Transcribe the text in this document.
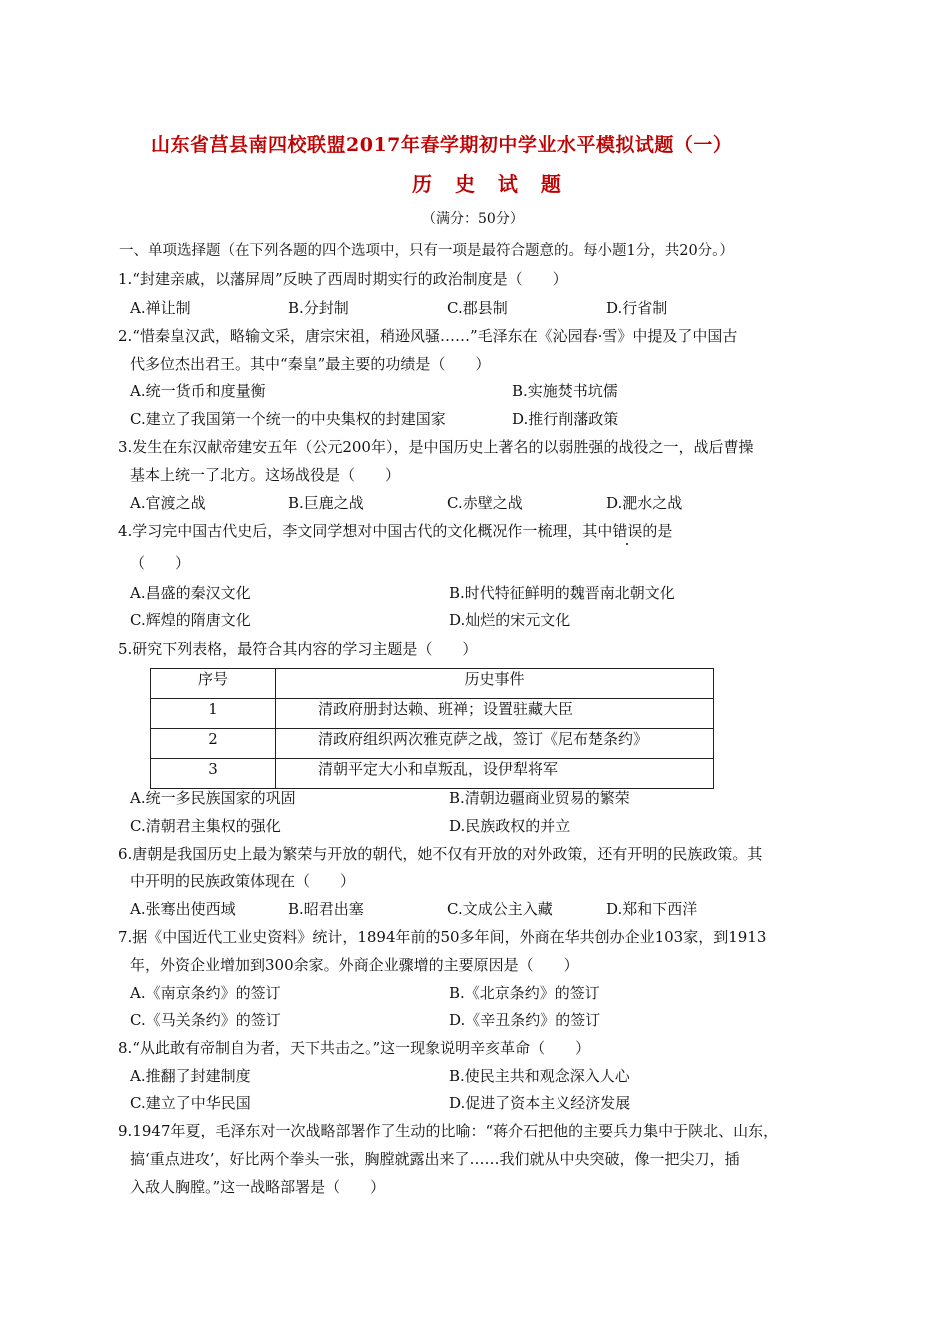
山东省莒县南四校联盟2017年春学期初中学业水平模拟试题（一）
历 史 试 题
（满分：50分）
一、单项选择题（在下列各题的四个选项中，只有一项是最符合题意的。每小题1分，共20分。）
1.“封建亲戚，以藩屏周”反映了西周时期实行的政治制度是（　　）
A.禅让制	B.分封制	C.郡县制	D.行省制
2.“惜秦皇汉武，略输文采，唐宗宋祖，稍逊风骚……”毛泽东在《沁园春·雪》中提及了中国古
代多位杰出君王。其中“秦皇”最主要的功绩是（　　）
A.统一货币和度量衡	B.实施焚书坑儒
C.建立了我国第一个统一的中央集权的封建国家	D.推行削藩政策
3.发生在东汉献帝建安五年（公元200年），是中国历史上著名的以弱胜强的战役之一，战后曹操
基本上统一了北方。这场战役是（　　）
A.官渡之战	B.巨鹿之战	C.赤壁之战	D.淝水之战
4.学习完中国古代史后，李文同学想对中国古代的文化概况作一梳理，其中错误的是
（　　）
A.昌盛的秦汉文化	B.时代特征鲜明的魏晋南北朝文化
C.辉煌的隋唐文化	D.灿烂的宋元文化
5.研究下列表格，最符合其内容的学习主题是（　　）
序号	历史事件
1	清政府册封达赖、班禅；设置驻藏大臣
2	清政府组织两次雅克萨之战，签订《尼布楚条约》
3	清朝平定大小和卓叛乱，设伊犁将军
A.统一多民族国家的巩固	B.清朝边疆商业贸易的繁荣
C.清朝君主集权的强化	D.民族政权的并立
6.唐朝是我国历史上最为繁荣与开放的朝代，她不仅有开放的对外政策，还有开明的民族政策。其
中开明的民族政策体现在（　　）
A.张骞出使西域	B.昭君出塞	C.文成公主入藏	D.郑和下西洋
7.据《中国近代工业史资料》统计，1894年前的50多年间，外商在华共创办企业103家，到1913
年，外资企业增加到300余家。外商企业骤增的主要原因是（　　）
A.《南京条约》的签订	B.《北京条约》的签订
C.《马关条约》的签订	D.《辛丑条约》的签订
8.“从此敢有帝制自为者，天下共击之。”这一现象说明辛亥革命（　　）
A.推翻了封建制度	B.使民主共和观念深入人心
C.建立了中华民国	D.促进了资本主义经济发展
9.1947年夏，毛泽东对一次战略部署作了生动的比喻：“蒋介石把他的主要兵力集中于陕北、山东，
搞‘重点进攻’，好比两个拳头一张，胸膛就露出来了……我们就从中央突破，像一把尖刀，插
入敌人胸膛。”这一战略部署是（　　）
